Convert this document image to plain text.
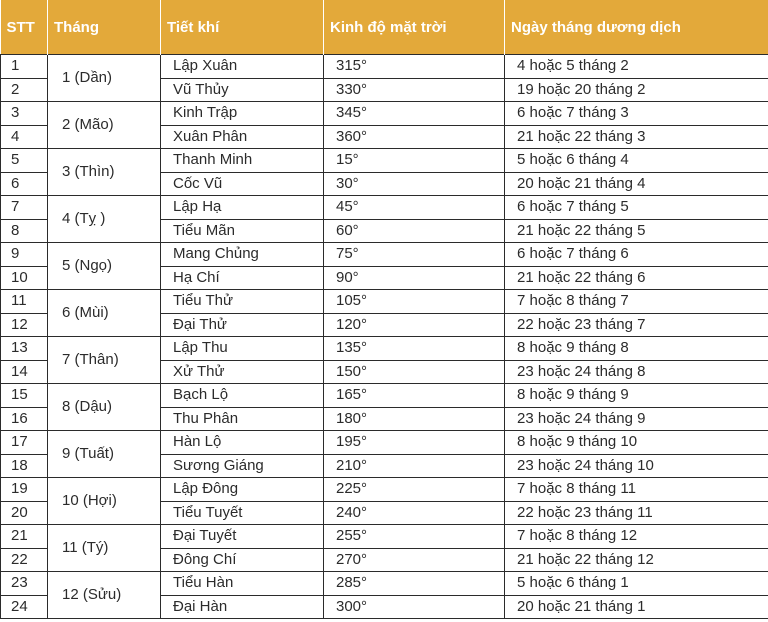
STT	Tháng	Tiết khí	Kinh độ mặt trời	Ngày tháng dương dịch
1	1 (Dần)	Lập Xuân	315°	4 hoặc 5 tháng 2
2		Vũ Thủy	330°	19 hoặc 20 tháng 2
3	2 (Mão)	Kinh Trập	345°	6 hoặc 7 tháng 3
4		Xuân Phân	360°	21 hoặc 22 tháng 3
5	3 (Thìn)	Thanh Minh	15°	5 hoặc 6 tháng 4
6		Cốc Vũ	30°	20 hoặc 21 tháng 4
7	4 (Tỵ )	Lập Hạ	45°	6 hoặc 7 tháng 5
8		Tiểu Mãn	60°	21 hoặc 22 tháng 5
9	5 (Ngọ)	Mang Chủng	75°	6 hoặc 7 tháng 6
10		Hạ Chí	90°	21 hoặc 22 tháng 6
11	6 (Mùi)	Tiểu Thử	105°	7 hoặc 8 tháng 7
12		Đại Thử	120°	22 hoặc 23 tháng 7
13	7 (Thân)	Lập Thu	135°	8 hoặc 9 tháng 8
14		Xử Thử	150°	23 hoặc 24 tháng 8
15	8 (Dậu)	Bạch Lộ	165°	8 hoặc 9 tháng 9
16		Thu Phân	180°	23 hoặc 24 tháng 9
17	9 (Tuất)	Hàn Lộ	195°	8 hoặc 9 tháng 10
18		Sương Giáng	210°	23 hoặc 24 tháng 10
19	10 (Hợi)	Lập Đông	225°	7 hoặc 8 tháng 11
20		Tiểu Tuyết	240°	22 hoặc 23 tháng 11
21	11 (Tý)	Đại Tuyết	255°	7 hoặc 8 tháng 12
22		Đông Chí	270°	21 hoặc 22 tháng 12
23	12 (Sửu)	Tiểu Hàn	285°	5 hoặc 6 tháng 1
24		Đại Hàn	300°	20 hoặc 21 tháng 1
